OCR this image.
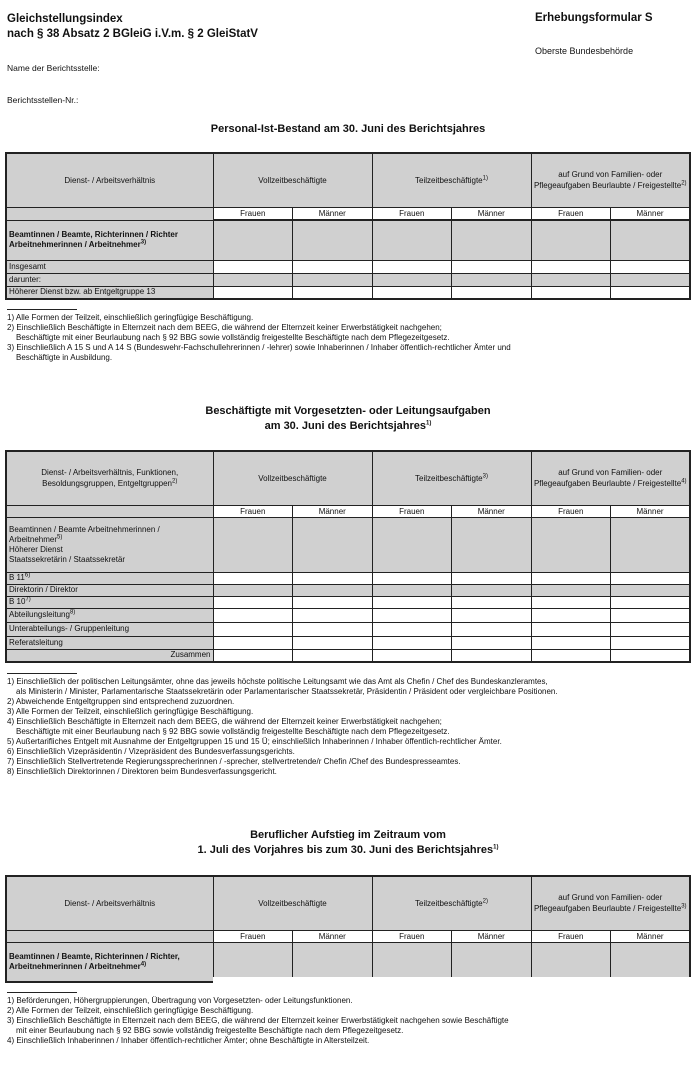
Gleichstellungsindex
nach § 38 Absatz 2 BGleiG i.V.m. § 2 GleiStatV
Erhebungsformular S
Oberste Bundesbehörde
Name der Berichtsstelle:
Berichtsstellen-Nr.:
Personal-Ist-Bestand am 30. Juni des Berichtsjahres
Dienst- / Arbeitsverhältnis	Vollzeitbeschäftigte		Teilzeitbeschäftigte$^{1)}$		auf Grund von Familien- oder Pflegeaufgaben Beurlaubte / Freigestellte$^{2)}$
	Frauen	Männer	Frauen	Männer	Frauen	Männer

Beamtinnen / Beamte, Richterinnen / Richter Arbeitnehmerinnen / Arbeitnehmer$^{3)}$						
Insgesamt						
darunter:						
Höherer Dienst bzw. ab Entgeltgruppe 13						
1) Alle Formen der Teilzeit, einschließlich geringfügige Beschäftigung.
2) Einschließlich Beschäftigte in Elternzeit nach dem BEEG, die während der Elternzeit keiner Erwerbstätigkeit nachgehen;
Beschäftigte mit einer Beurlaubung nach § 92 BBG sowie vollständig freigestellte Beschäftigte nach dem Pflegezeitgesetz.
3) Einschließlich A 15 S und A 14 S (Bundeswehr-Fachschullehrerinnen / -lehrer) sowie Inhaberinnen / Inhaber öffentlich-rechtlicher Ämter und
Beschäftigte in Ausbildung.
Beschäftigte mit Vorgesetzten- oder Leitungsaufgaben
am 30. Juni des Berichtsjahres$^{1)}$
Dienst- / Arbeitsverhältnis, Funktionen, Besoldungsgruppen, Entgeltgruppen$^{2)}$	Vollzeitbeschäftigte		Teilzeitbeschäftigte$^{3)}$		auf Grund von Familien- oder Pflegeaufgaben Beurlaubte / Freigestellte$^{4)}$
	Frauen	Männer	Frauen	Männer	Frauen	Männer

Beamtinnen / Beamte Arbeitnehmerinnen / Arbeitnehmer$^{5)}$
Höherer Dienst
Staatssekretärin / Staatssekretär						

B 11$^{6)}$						
Direktorin / Direktor						
B 10$^{7)}$						
Abteilungsleitung$^{8)}$						
Unterabteilungs- / Gruppenleitung						
Referatsleitung						
Zusammen						
1) Einschließlich der politischen Leitungsämter, ohne das jeweils höchste politische Leitungsamt wie das Amt als Chefin / Chef des Bundeskanzleramtes,
als Ministerin / Minister, Parlamentarische Staatssekretärin oder Parlamentarischer Staatssekretär, Präsidentin / Präsident oder vergleichbare Positionen.
2) Abweichende Entgeltgruppen sind entsprechend zuzuordnen.
3) Alle Formen der Teilzeit, einschließlich geringfügige Beschäftigung.
4) Einschließlich Beschäftigte in Elternzeit nach dem BEEG, die während der Elternzeit keiner Erwerbstätigkeit nachgehen;
Beschäftigte mit einer Beurlaubung nach § 92 BBG sowie vollständig freigestellte Beschäftigte nach dem Pflegezeitgesetz.
5) Außertarifliches Entgelt mit Ausnahme der Entgeltgruppen 15 und 15 Ü; einschließlich Inhaberinnen / Inhaber öffentlich-rechtlicher Ämter.
6) Einschließlich Vizepräsidentin / Vizepräsident des Bundesverfassungsgerichts.
7) Einschließlich Stellvertretende Regierungssprecherinnen / -sprecher, stellvertretende/r Chefin /Chef des Bundespresseamtes.
8) Einschließlich Direktorinnen / Direktoren beim Bundesverfassungsgericht.
Beruflicher Aufstieg im Zeitraum vom
1. Juli des Vorjahres bis zum 30. Juni des Berichtsjahres$^{1)}$
Dienst- / Arbeitsverhältnis	Vollzeitbeschäftigte		Teilzeitbeschäftigte$^{2)}$		auf Grund von Familien- oder Pflegeaufgaben Beurlaubte / Freigestellte$^{3)}$
	Frauen	Männer	Frauen	Männer	Frauen	Männer
Beamtinnen / Beamte, Richterinnen / Richter, Arbeitnehmerinnen / Arbeitnehmer$^{4)}$						
1) Beförderungen, Höhergruppierungen, Übertragung von Vorgesetzten- oder Leitungsfunktionen.
2) Alle Formen der Teilzeit, einschließlich geringfügige Beschäftigung.
3) Einschließlich Beschäftigte in Elternzeit nach dem BEEG, die während der Elternzeit keiner Erwerbstätigkeit nachgehen sowie Beschäftigte
mit einer Beurlaubung nach § 92 BBG sowie vollständig freigestellte Beschäftigte nach dem Pflegezeitgesetz.
4) Einschließlich Inhaberinnen / Inhaber öffentlich-rechtlicher Ämter; ohne Beschäftigte in Altersteilzeit.
